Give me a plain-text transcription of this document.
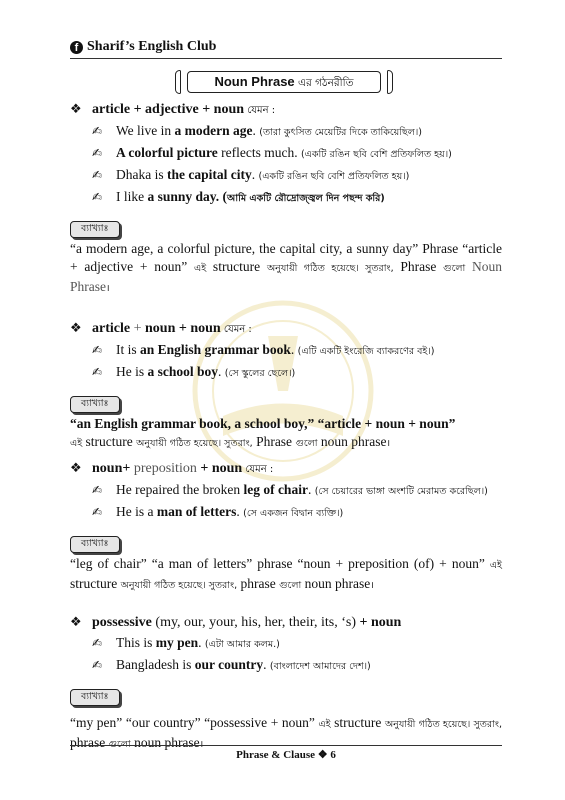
f Sharif’s English Club
Noun Phrase এর গঠনরীতি
❖ article + adjective + noun যেমন :
✍ We live in a modern age. (তারা কুৎসিত মেয়েটির দিকে তাকিয়েছিল।)
✍ A colorful picture reflects much. (একটি রঙিন ছবি বেশি প্রতিফলিত হয়।)
✍ Dhaka is the capital city. (একটি রঙিন ছবি বেশি প্রতিফলিত হয়।)
✍ I like a sunny day. (আমি একটি রৌদ্রোজ্জ্বল দিন পছন্দ করি)
ব্যাখ্যাঃ
“a modern age, a colorful picture, the capital city, a sunny day” Phrase “article + adjective + noun” এই structure অনুযায়ী গঠিত হয়েছে। সুতরাং, Phrase গুলো Noun Phrase।
❖ article + noun + noun যেমন :
✍ It is an English grammar book. (এটি একটি ইংরেজি ব্যাকরণের বই।)
✍ He is a school boy. (সে স্কুলের ছেলে।)
ব্যাখ্যাঃ
“an English grammar book, a school boy,” “article + noun + noun”
এই structure অনুযায়ী গঠিত হয়েছে। সুতরাং, Phrase গুলো noun phrase।
❖ noun+ preposition + noun যেমন :
✍ He repaired the broken leg of chair. (সে চেয়ারের ভাঙ্গা অংশটি মেরামত করেছিল।)
✍ He is a man of letters. (সে একজন বিদ্বান ব্যক্তি।)
ব্যাখ্যাঃ
“leg of chair” “a man of letters” phrase “noun + preposition (of) + noun” এই structure অনুযায়ী গঠিত হয়েছে। সুতরাং, phrase গুলো noun phrase।
❖ possessive (my, our, your, his, her, their, its, ‘s) + noun
✍ This is my pen. (এটা আমার কলম.)
✍ Bangladesh is our country. (বাংলাদেশ আমাদের দেশ।)
ব্যাখ্যাঃ
“my pen” “our country” “possessive + noun” এই structure অনুযায়ী গঠিত হয়েছে। সুতরাং, phrase গুলো noun phrase।
Phrase & Clause ❖ 6
